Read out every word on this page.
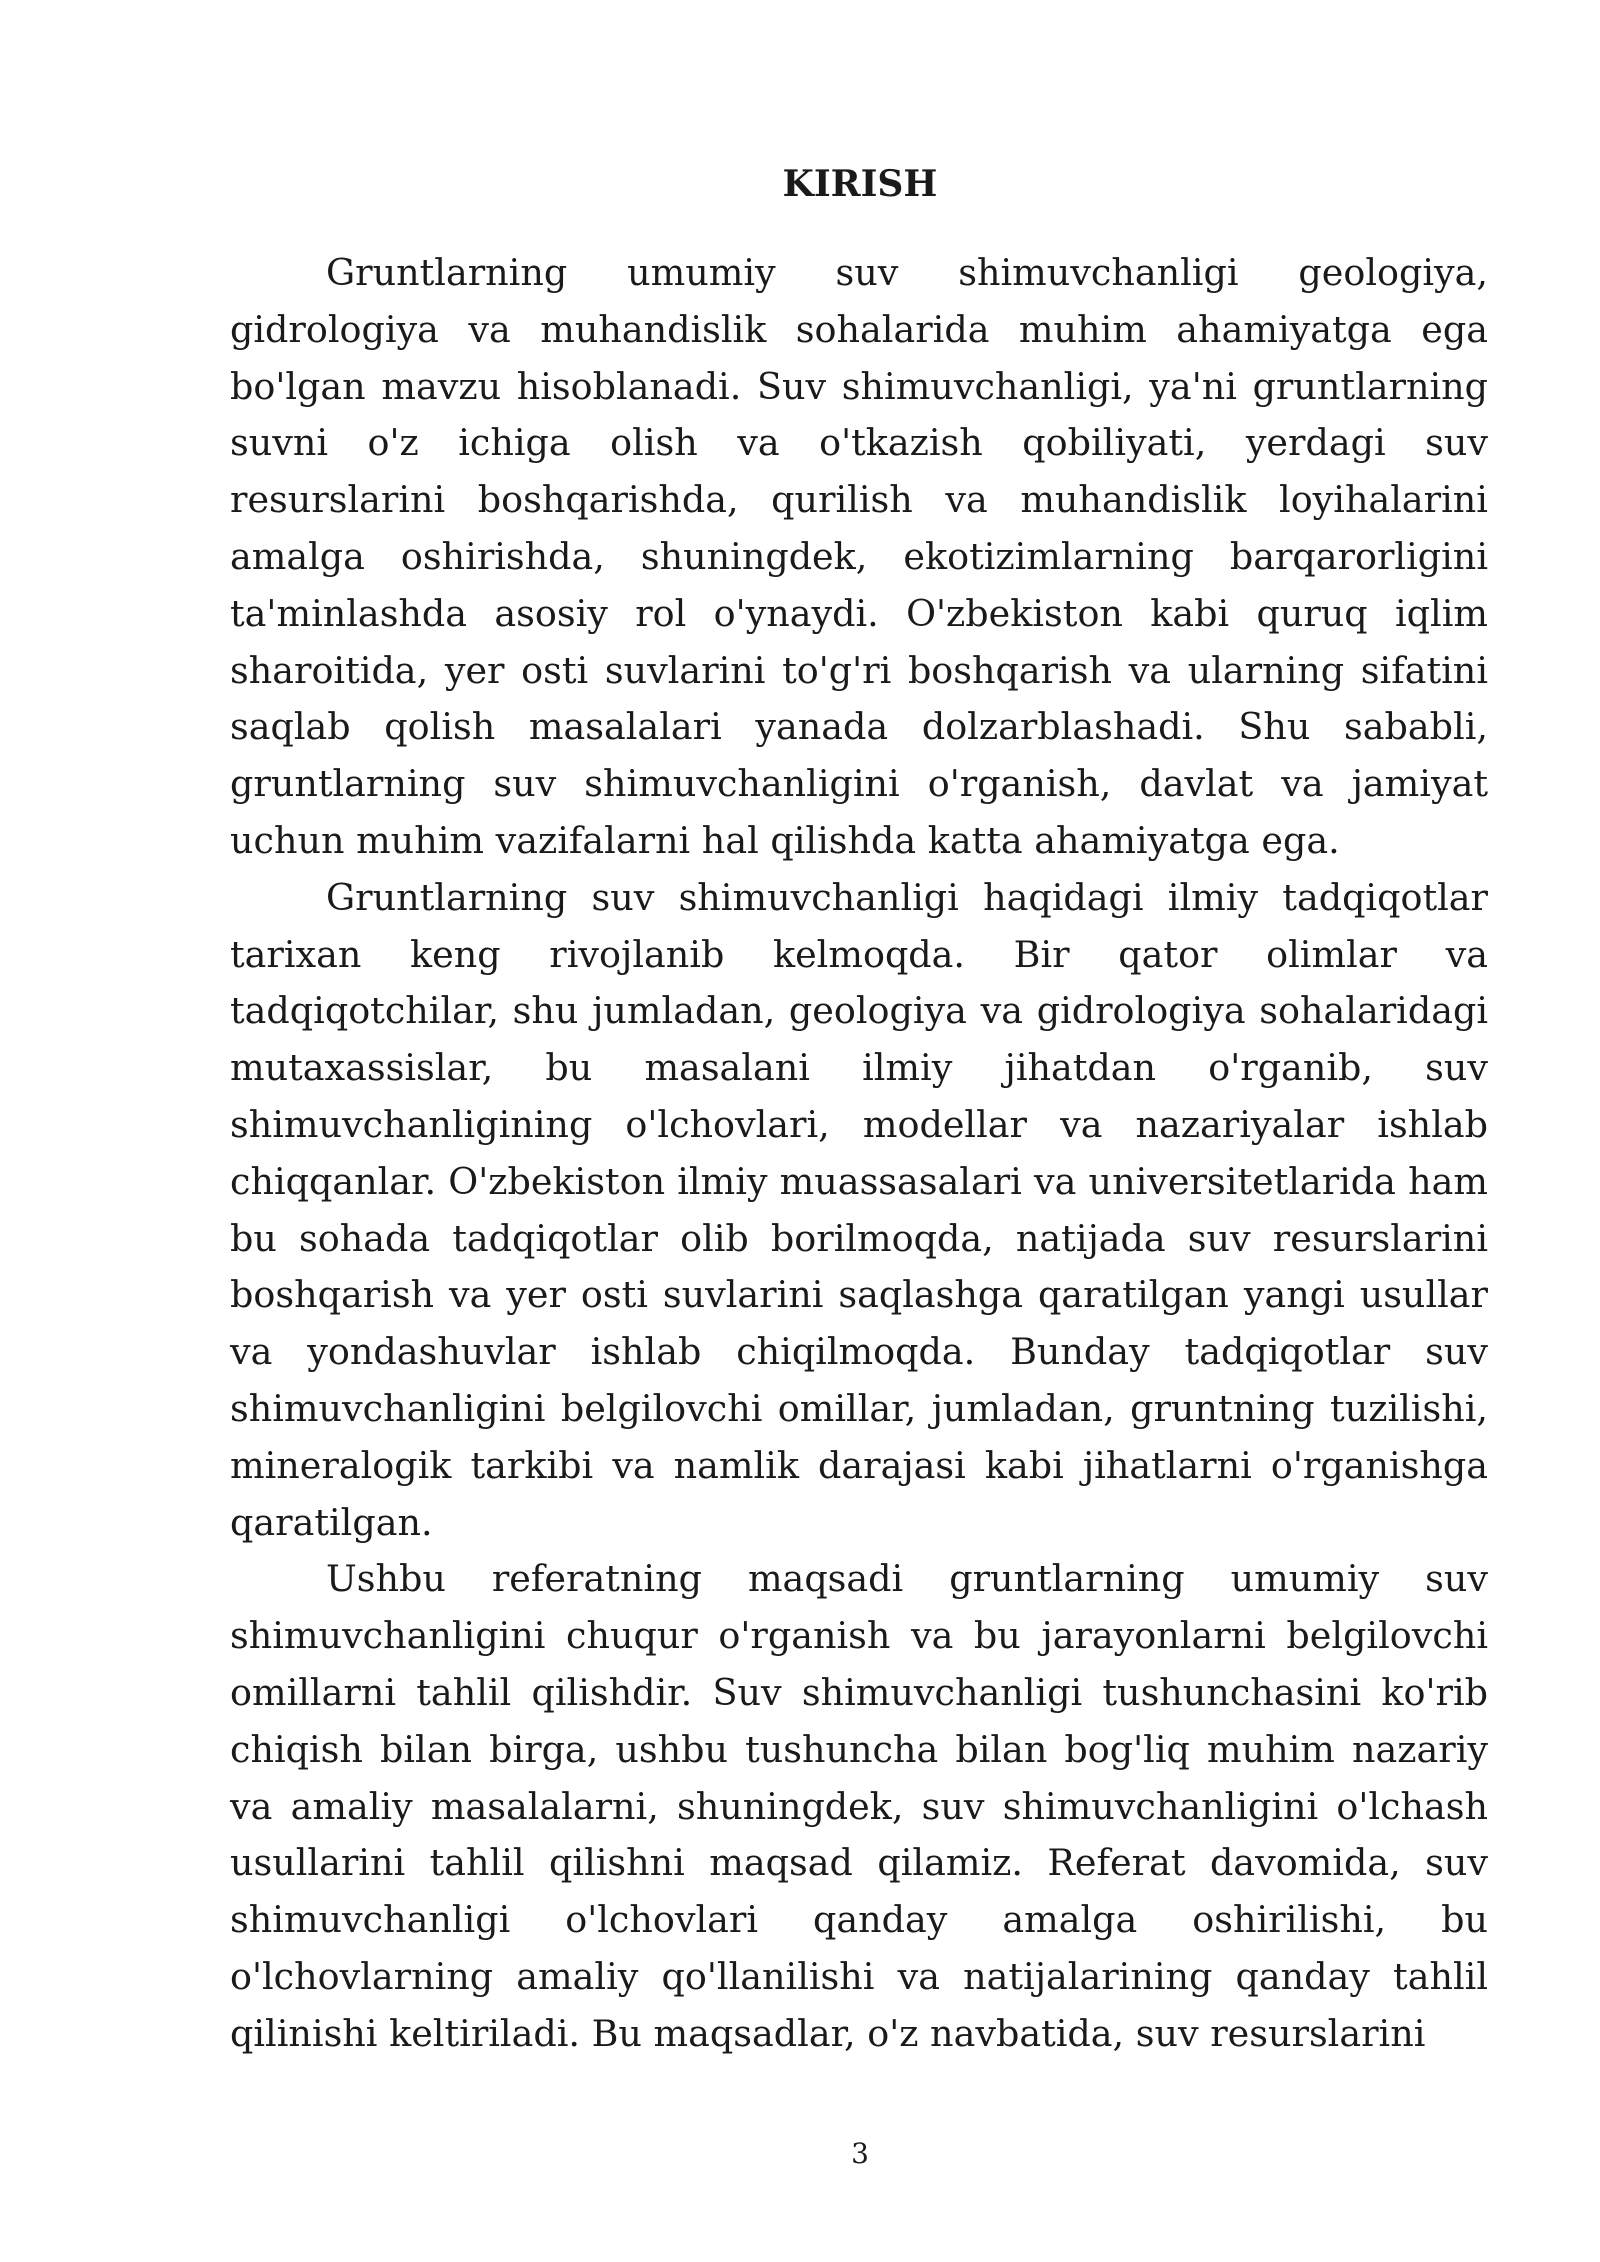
KIRISH

Gruntlarning umumiy suv shimuvchanligi geologiya, gidrologiya va muhandislik sohalarida muhim ahamiyatga ega bo'lgan mavzu hisoblanadi. Suv shimuvchanligi, ya'ni gruntlarning suvni o'z ichiga olish va o'tkazish qobiliyati, yerdagi suv resurslarini boshqarishda, qurilish va muhandislik loyihalarini amalga oshirishda, shuningdek, ekotizimlarning barqarorligini ta'minlashda asosiy rol o'ynaydi. O'zbekiston kabi quruq iqlim sharoitida, yer osti suvlarini to'g'ri boshqarish va ularning sifatini saqlab qolish masalalari yanada dolzarblashadi. Shu sababli, gruntlarning suv shimuvchanligini o'rganish, davlat va jamiyat uchun muhim vazifalarni hal qilishda katta ahamiyatga ega.

Gruntlarning suv shimuvchanligi haqidagi ilmiy tadqiqotlar tarixan keng rivojlanib kelmoqda. Bir qator olimlar va tadqiqotchilar, shu jumladan, geologiya va gidrologiya sohalaridagi mutaxassislar, bu masalani ilmiy jihatdan o'rganib, suv shimuvchanligining o'lchovlari, modellar va nazariyalar ishlab chiqqanlar. O'zbekiston ilmiy muassasalari va universitetlarida ham bu sohada tadqiqotlar olib borilmoqda, natijada suv resurslarini boshqarish va yer osti suvlarini saqlashga qaratilgan yangi usullar va yondashuvlar ishlab chiqilmoqda. Bunday tadqiqotlar suv shimuvchanligini belgilovchi omillar, jumladan, gruntning tuzilishi, mineralogik tarkibi va namlik darajasi kabi jihatlarni o'rganishga qaratilgan.

Ushbu referatning maqsadi gruntlarning umumiy suv shimuvchanligini chuqur o'rganish va bu jarayonlarni belgilovchi omillarni tahlil qilishdir. Suv shimuvchanligi tushunchasini ko'rib chiqish bilan birga, ushbu tushuncha bilan bog'liq muhim nazariy va amaliy masalalarni, shuningdek, suv shimuvchanligini o'lchash usullarini tahlil qilishni maqsad qilamiz. Referat davomida, suv shimuvchanligi o'lchovlari qanday amalga oshirilishi, bu o'lchovlarning amaliy qo'llanilishi va natijalarining qanday tahlil qilinishi keltiriladi. Bu maqsadlar, o'z navbatida, suv resurslarini

3
